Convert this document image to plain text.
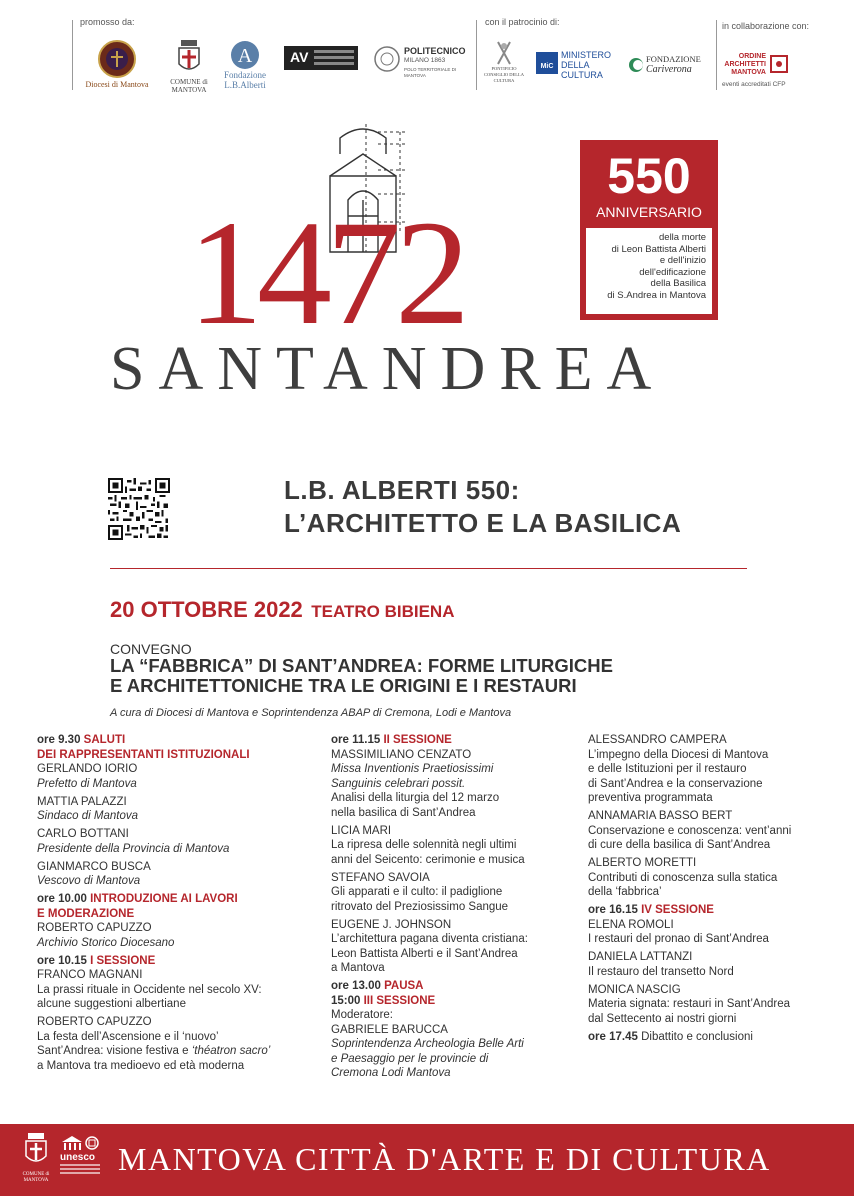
promosso da:	con il patrocinio di:	in collaborazione con:
Diocesi di Mantova	COMUNE di MANTOVA
A
Fondazione
L.B.Alberti
AV	POLITECNICO
MILANO 1863
POLO TERRITORIALE DI MANTOVA
PONTIFICIO CONSIGLIO DELLA CULTURA
MiC
MINISTERO
DELLA
CULTURA
FONDAZIONE
Cariverona
ORDINE
ARCHITETTI
MANTOVA
eventi accreditati CFP
1472
SANTANDREA
550
ANNIVERSARIO

della morte

di Leon Battista Alberti

e dell'inizio

dell'edificazione

della Basilica

di S.Andrea in Mantova

L.B. ALBERTI 550:
L’ARCHITETTO E LA BASILICA
20 OTTOBRE 2022 TEATRO BIBIENA
CONVEGNO
LA “FABBRICA” DI SANT’ANDREA: FORME LITURGICHE
E ARCHITETTONICHE TRA LE ORIGINI E I RESTAURI
A cura di Diocesi di Mantova e Soprintendenza ABAP di Cremona, Lodi e Mantova
ore 9.30 SALUTI
DEI RAPPRESENTANTI ISTITUZIONALI
GERLANDO IORIO
Prefetto di Mantova
MATTIA PALAZZI
Sindaco di Mantova
CARLO BOTTANI
Presidente della Provincia di Mantova
GIANMARCO BUSCA
Vescovo di Mantova
ore 10.00 INTRODUZIONE AI LAVORI
E MODERAZIONE
ROBERTO CAPUZZO
Archivio Storico Diocesano
ore 10.15 I SESSIONE
FRANCO MAGNANI
La prassi rituale in Occidente nel secolo XV:
alcune suggestioni albertiane
ROBERTO CAPUZZO
La festa dell’Ascensione e il ‘nuovo’
Sant’Andrea: visione festiva e ‘théatron sacro’
a Mantova tra medioevo ed età moderna
ore 11.15 II SESSIONE
MASSIMILIANO CENZATO
Missa Inventionis Praetiosissimi
Sanguinis celebrari possit.
Analisi della liturgia del 12 marzo
nella basilica di Sant’Andrea
LICIA MARI
La ripresa delle solennità negli ultimi
anni del Seicento: cerimonie e musica
STEFANO SAVOIA
Gli apparati e il culto: il padiglione
ritrovato del Preziosissimo Sangue
EUGENE J. JOHNSON
L’architettura pagana diventa cristiana:
Leon Battista Alberti e il Sant’Andrea
a Mantova
ore 13.00 PAUSA
15:00 III SESSIONE
Moderatore:
GABRIELE BARUCCA
Soprintendenza Archeologia Belle Arti
e Paesaggio per le provincie di
Cremona Lodi Mantova
ALESSANDRO CAMPERA
L’impegno della Diocesi di Mantova
e delle Istituzioni per il restauro
di Sant’Andrea e la conservazione
preventiva programmata
ANNAMARIA BASSO BERT
Conservazione e conoscenza: vent’anni
di cure della basilica di Sant’Andrea
ALBERTO MORETTI
Contributi di conoscenza sulla statica
della ‘fabbrica’
ore 16.15 IV SESSIONE
ELENA ROMOLI
I restauri del pronao di Sant’Andrea
DANIELA LATTANZI
Il restauro del transetto Nord
MONICA NASCIG
Materia signata: restauri in Sant’Andrea
dal Settecento ai nostri giorni
ore 17.45 Dibattito e conclusioni
COMUNE di MANTOVA
unesco MANTOVA CITTÀ D'ARTE E DI CULTURA
